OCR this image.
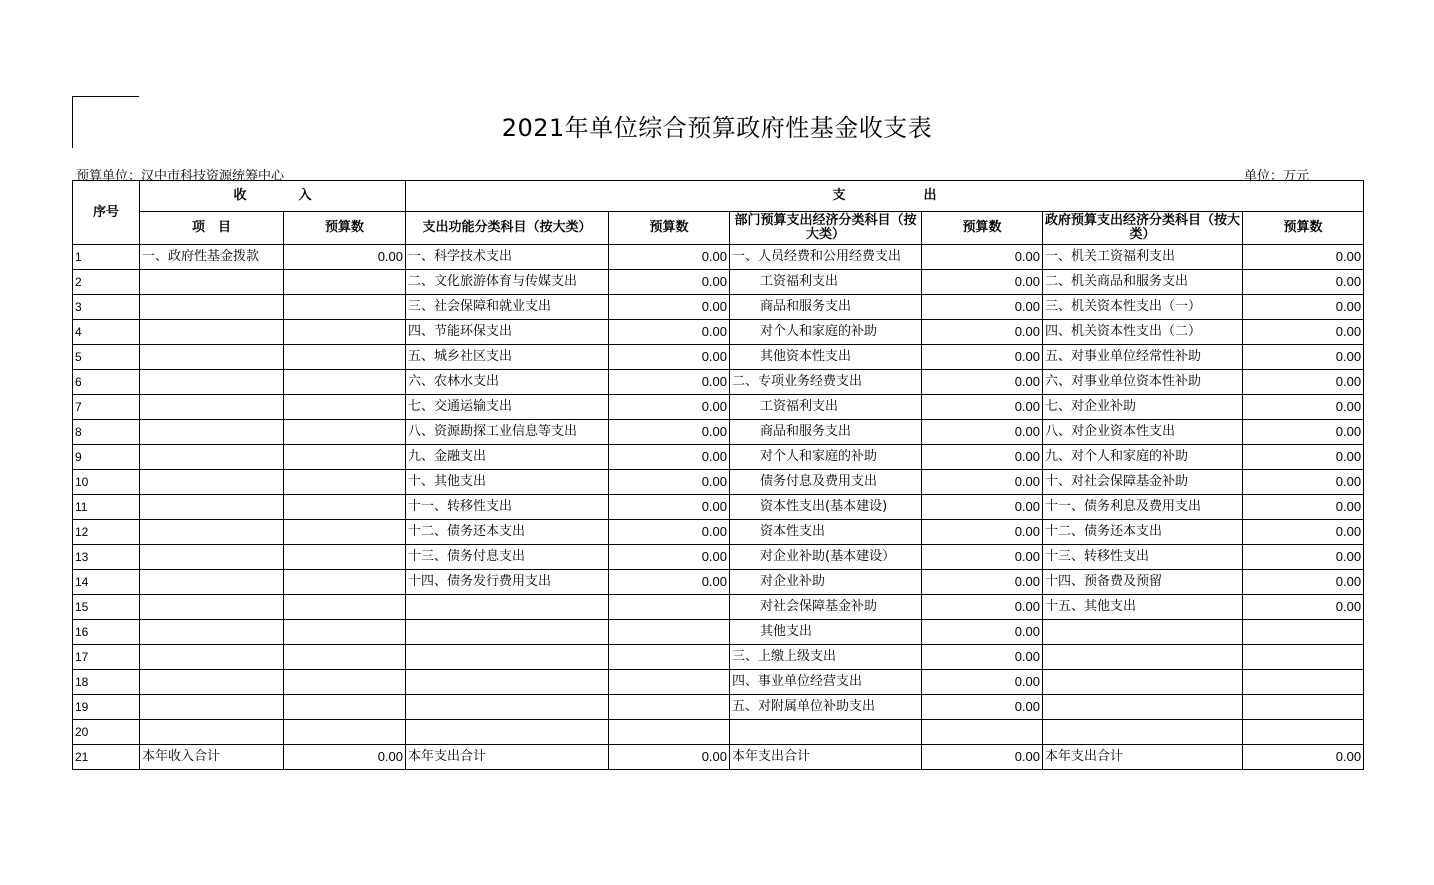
2021年单位综合预算政府性基金收支表
预算单位：汉中市科技资源统筹中心	单位：万元
序号	收　　　　入		支　　　　　　出					
	项　目	预算数	支出功能分类科目（按大类）	预算数	部门预算支出经济分类科目（按大类）	预算数	政府预算支出经济分类科目（按大类）	预算数
1	一、政府性基金拨款	0.00	一、科学技术支出	0.00	一、人员经费和公用经费支出	0.00	一、机关工资福利支出	0.00
2			二、文化旅游体育与传媒支出	0.00	工资福利支出	0.00	二、机关商品和服务支出	0.00
3			三、社会保障和就业支出	0.00	商品和服务支出	0.00	三、机关资本性支出（一）	0.00
4			四、节能环保支出	0.00	对个人和家庭的补助	0.00	四、机关资本性支出（二）	0.00
5			五、城乡社区支出	0.00	其他资本性支出	0.00	五、对事业单位经常性补助	0.00
6			六、农林水支出	0.00	二、专项业务经费支出	0.00	六、对事业单位资本性补助	0.00
7			七、交通运输支出	0.00	工资福利支出	0.00	七、对企业补助	0.00
8			八、资源勘探工业信息等支出	0.00	商品和服务支出	0.00	八、对企业资本性支出	0.00
9			九、金融支出	0.00	对个人和家庭的补助	0.00	九、对个人和家庭的补助	0.00
10			十、其他支出	0.00	债务付息及费用支出	0.00	十、对社会保障基金补助	0.00
11			十一、转移性支出	0.00	资本性支出(基本建设)	0.00	十一、债务利息及费用支出	0.00
12			十二、债务还本支出	0.00	资本性支出	0.00	十二、债务还本支出	0.00
13			十三、债务付息支出	0.00	对企业补助(基本建设）	0.00	十三、转移性支出	0.00
14			十四、债务发行费用支出	0.00	对企业补助	0.00	十四、预备费及预留	0.00
15					对社会保障基金补助	0.00	十五、其他支出	0.00
16					其他支出	0.00		
17					三、上缴上级支出	0.00		
18					四、事业单位经营支出	0.00		
19					五、对附属单位补助支出	0.00		
20								
21	本年收入合计	0.00	本年支出合计	0.00	本年支出合计	0.00	本年支出合计	0.00
